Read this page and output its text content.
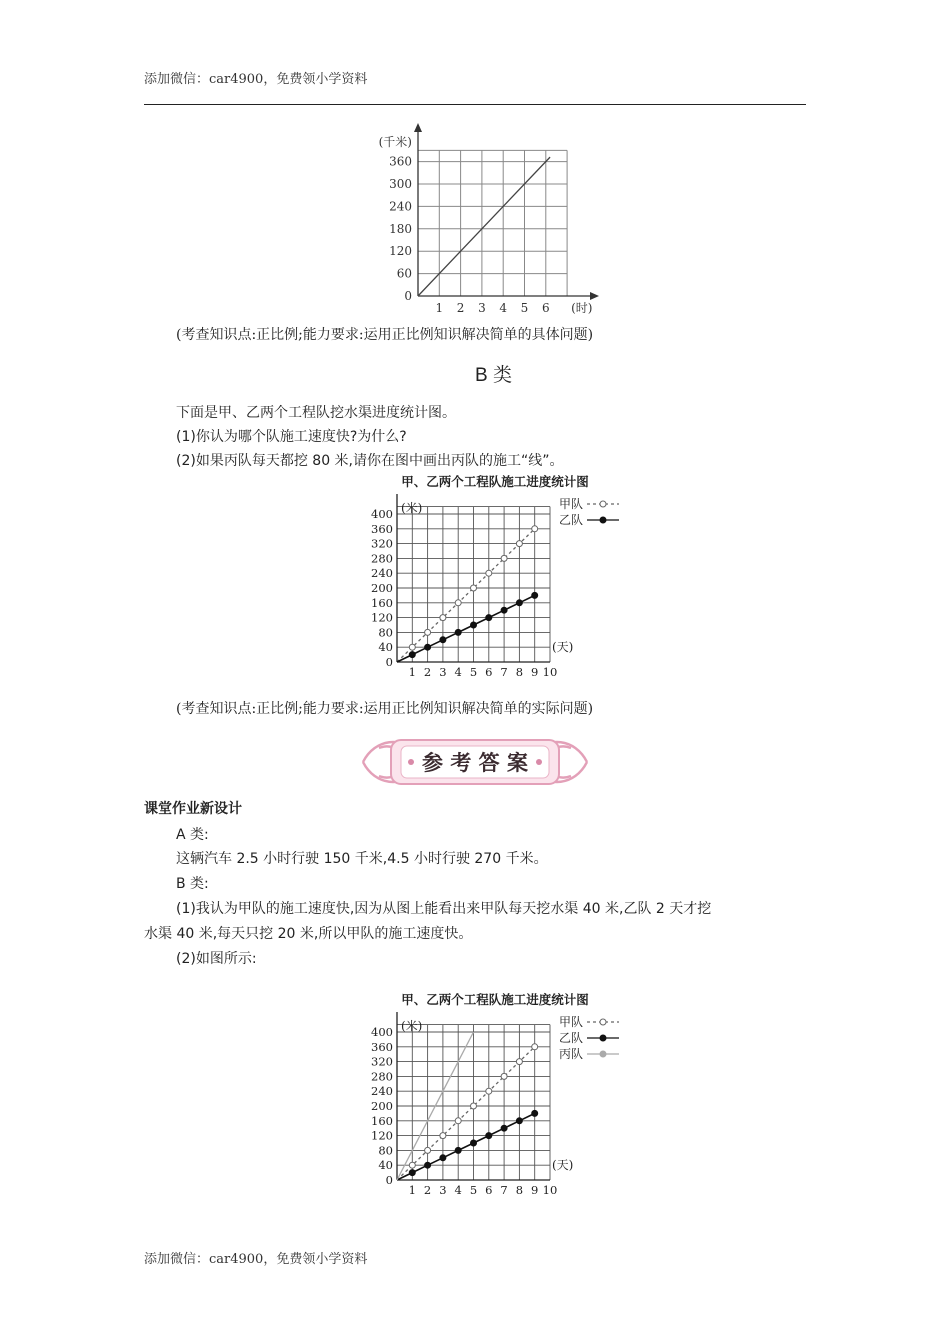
添加微信：car4900，免费领小学资料
0
60
120
180
240
300
360
1 2 3 4 5 6
(千米)
(时)
(考查知识点:正比例;能力要求:运用正比例知识解决简单的具体问题)
B 类
下面是甲、乙两个工程队挖水渠进度统计图。
(1)你认为哪个队施工速度快?为什么?
(2)如果丙队每天都挖 80 米,请你在图中画出丙队的施工“线”。
甲、乙两个工程队施工进度统计图
0
40
80
120
160
200
240
280
320
360
400
1 2 3 4 5 6 7 8 9 10
(米)
(天)
甲队
乙队
(考查知识点:正比例;能力要求:运用正比例知识解决简单的实际问题)
参 考 答 案
课堂作业新设计
A 类:
这辆汽车 2.5 小时行驶 150 千米,4.5 小时行驶 270 千米。
B 类:
(1)我认为甲队的施工速度快,因为从图上能看出来甲队每天挖水渠 40 米,乙队 2 天才挖
水渠 40 米,每天只挖 20 米,所以甲队的施工速度快。
(2)如图所示:
甲、乙两个工程队施工进度统计图
0
40
80
120
160
200
240
280
320
360
400
1 2 3 4 5 6 7 8 9 10
(米)
(天)
甲队
乙队
丙队
添加微信：car4900，免费领小学资料
